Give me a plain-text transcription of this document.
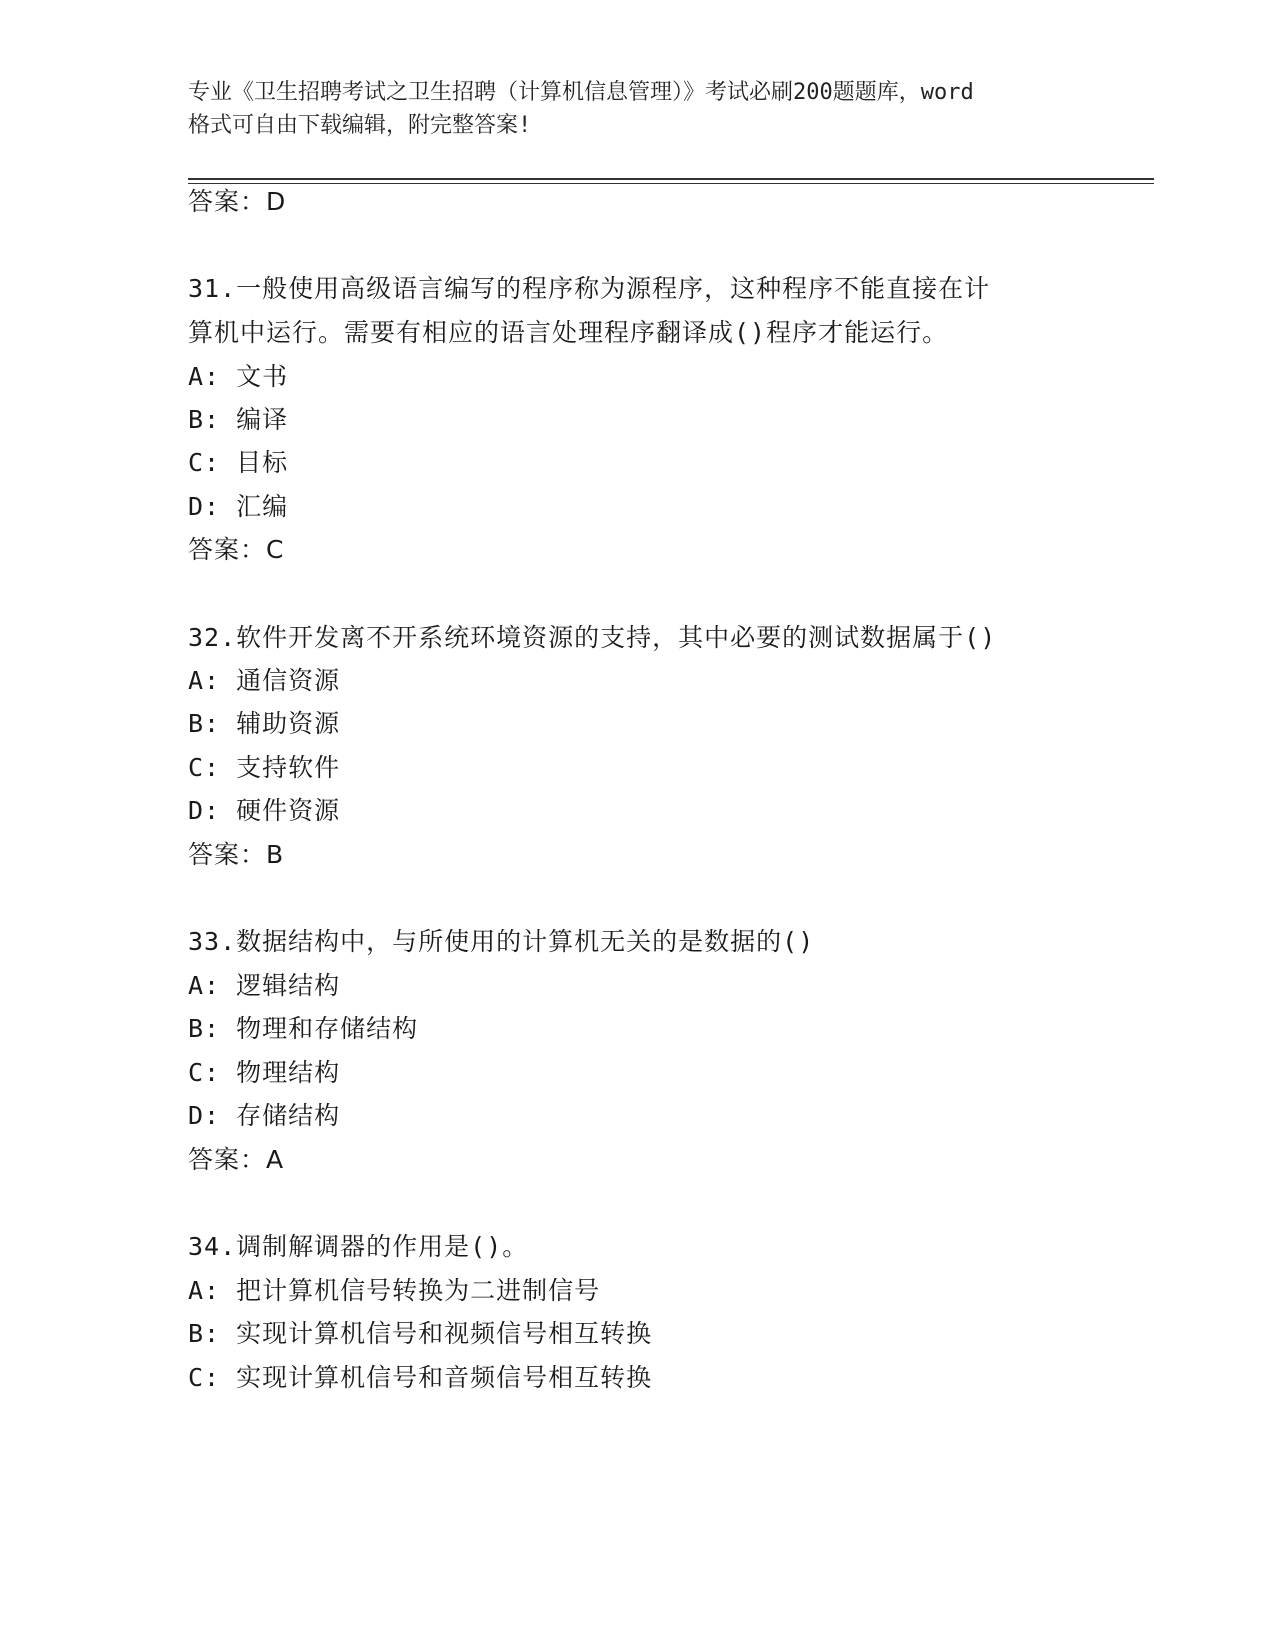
专业《卫生招聘考试之卫生招聘（计算机信息管理）》考试必刷200题题库，word
格式可自由下载编辑，附完整答案!
答案：D
31.一般使用高级语言编写的程序称为源程序，这种程序不能直接在计
算机中运行。需要有相应的语言处理程序翻译成()程序才能运行。
A: 文书
B: 编译
C: 目标
D: 汇编
答案：C
32.软件开发离不开系统环境资源的支持，其中必要的测试数据属于()
A: 通信资源
B: 辅助资源
C: 支持软件
D: 硬件资源
答案：B
33.数据结构中，与所使用的计算机无关的是数据的()
A: 逻辑结构
B: 物理和存储结构
C: 物理结构
D: 存储结构
答案：A
34.调制解调器的作用是()。
A: 把计算机信号转换为二进制信号
B: 实现计算机信号和视频信号相互转换
C: 实现计算机信号和音频信号相互转换
